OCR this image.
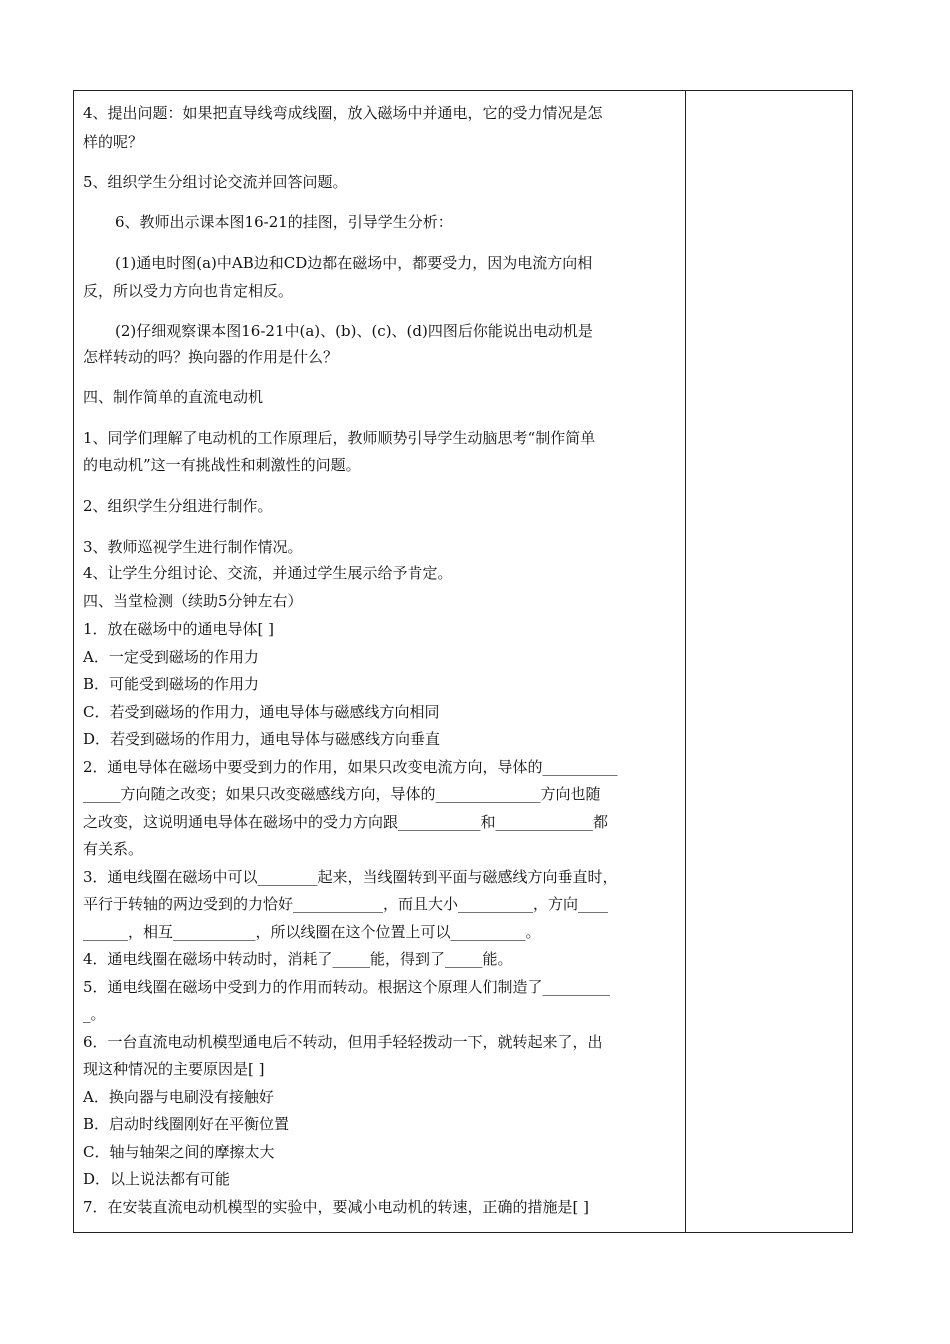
4、提出问题：如果把直导线弯成线圈，放入磁场中并通电，它的受力情况是怎
样的呢？
5、组织学生分组讨论交流并回答问题。
6、教师出示课本图16-21的挂图，引导学生分析：
(1)通电时图(a)中AB边和CD边都在磁场中，都要受力，因为电流方向相
反，所以受力方向也肯定相反。
(2)仔细观察课本图16-21中(a)、(b)、(c)、(d)四图后你能说出电动机是
怎样转动的吗？换向器的作用是什么？
四、制作简单的直流电动机
1、同学们理解了电动机的工作原理后，教师顺势引导学生动脑思考“制作简单
的电动机”这一有挑战性和刺激性的问题。
2、组织学生分组进行制作。
3、教师巡视学生进行制作情况。
4、让学生分组讨论、交流，并通过学生展示给予肯定。
四、当堂检测（续助5分钟左右）
1．放在磁场中的通电导体[ ]
A．一定受到磁场的作用力
B．可能受到磁场的作用力
C．若受到磁场的作用力，通电导体与磁感线方向相同
D．若受到磁场的作用力，通电导体与磁感线方向垂直
2．通电导体在磁场中要受到力的作用，如果只改变电流方向，导体的__________
_____方向随之改变；如果只改变磁感线方向，导体的______________方向也随
之改变，这说明通电导体在磁场中的受力方向跟___________和_____________都
有关系。
3．通电线圈在磁场中可以________起来，当线圈转到平面与磁感线方向垂直时，
平行于转轴的两边受到的力恰好____________，而且大小__________，方向____
______，相互___________，所以线圈在这个位置上可以__________。
4．通电线圈在磁场中转动时，消耗了_____能，得到了_____能。
5．通电线圈在磁场中受到力的作用而转动。根据这个原理人们制造了_________
_。
6．一台直流电动机模型通电后不转动，但用手轻轻拨动一下，就转起来了，出
现这种情况的主要原因是[ ]
A．换向器与电刷没有接触好
B．启动时线圈刚好在平衡位置
C．轴与轴架之间的摩擦太大
D．以上说法都有可能
7．在安装直流电动机模型的实验中，要减小电动机的转速，正确的措施是[ ]
